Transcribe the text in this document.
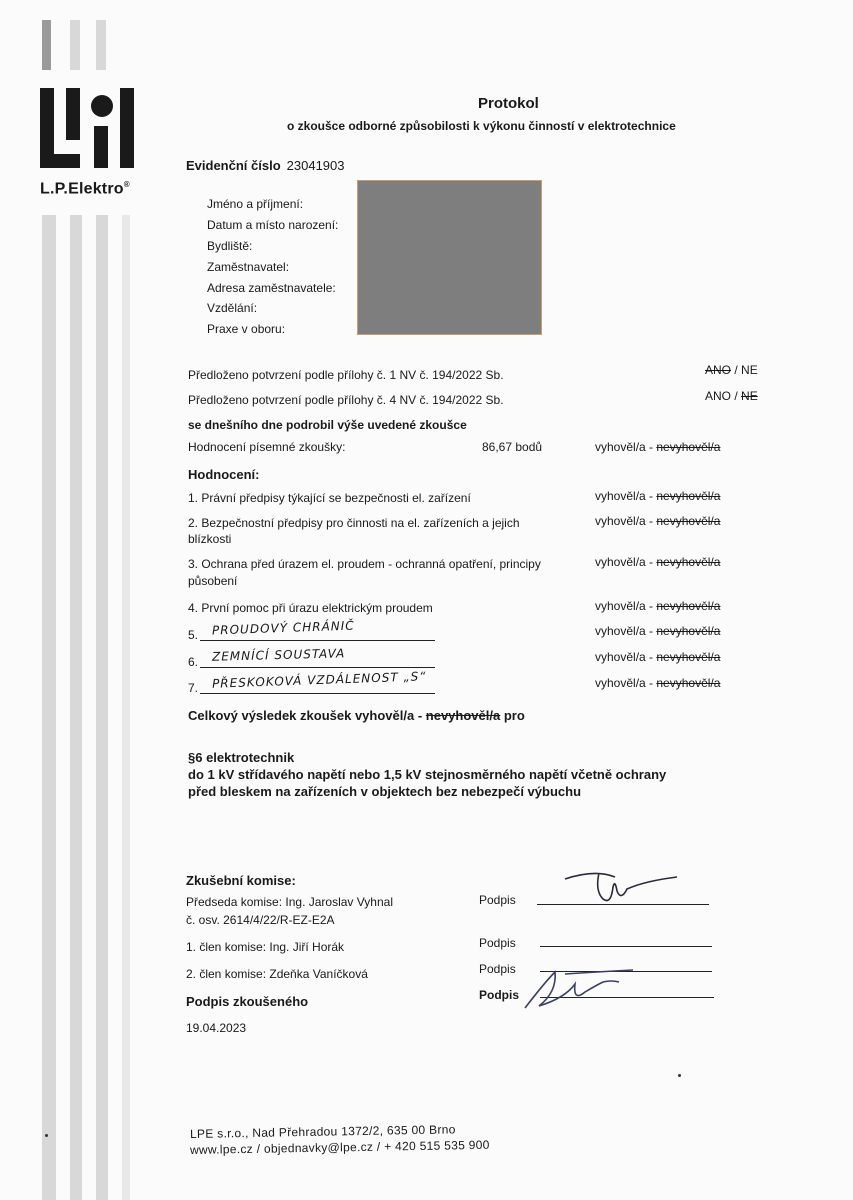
L.P.Elektro®
Protokol
o zkoušce odborné způsobilosti k výkonu činností v elektrotechnice
Evidenční číslo 23041903
Jméno a příjmení:
Datum a místo narození:
Bydliště:
Zaměstnavatel:
Adresa zaměstnavatele:
Vzdělání:
Praxe v oboru:
Předloženo potvrzení podle přílohy č. 1 NV č. 194/2022 Sb.	ANO / NE
Předloženo potvrzení podle přílohy č. 4 NV č. 194/2022 Sb.	ANO / NE
se dnešního dne podrobil výše uvedené zkoušce
Hodnocení písemné zkoušky:	86,67 bodů	vyhověl/a - nevyhověl/a
Hodnocení:
1. Právní předpisy týkající se bezpečnosti el. zařízení	vyhověl/a - nevyhověl/a
2. Bezpečnostní předpisy pro činnosti na el. zařízeních a jejich
blízkosti
vyhověl/a - nevyhověl/a
3. Ochrana před úrazem el. proudem - ochranná opatření, principy
působení
vyhověl/a - nevyhověl/a
4. První pomoc při úrazu elektrickým proudem	vyhověl/a - nevyhověl/a
5. PROUDOVÝ CHRÁNIČ	vyhověl/a - nevyhověl/a
6. ZEMNÍCÍ SOUSTAVA	vyhověl/a - nevyhověl/a
7. PŘESKOKOVÁ VZDÁLENOST „S“	vyhověl/a - nevyhověl/a
Celkový výsledek zkoušek vyhověl/a - nevyhověl/a pro
§6 elektrotechnik
do 1 kV střídavého napětí nebo 1,5 kV stejnosměrného napětí včetně ochrany
před bleskem na zařízeních v objektech bez nebezpečí výbuchu
Zkušební komise:
Předseda komise: Ing. Jaroslav Vyhnal
č. osv. 2614/4/22/R-EZ-E2A
1. člen komise: Ing. Jiří Horák
2. člen komise: Zdeňka Vaníčková
Podpis zkoušeného
19.04.2023
Podpis
Podpis
Podpis
Podpis
LPE s.r.o., Nad Přehradou 1372/2, 635 00 Brno
www.lpe.cz / objednavky@lpe.cz / + 420 515 535 900
